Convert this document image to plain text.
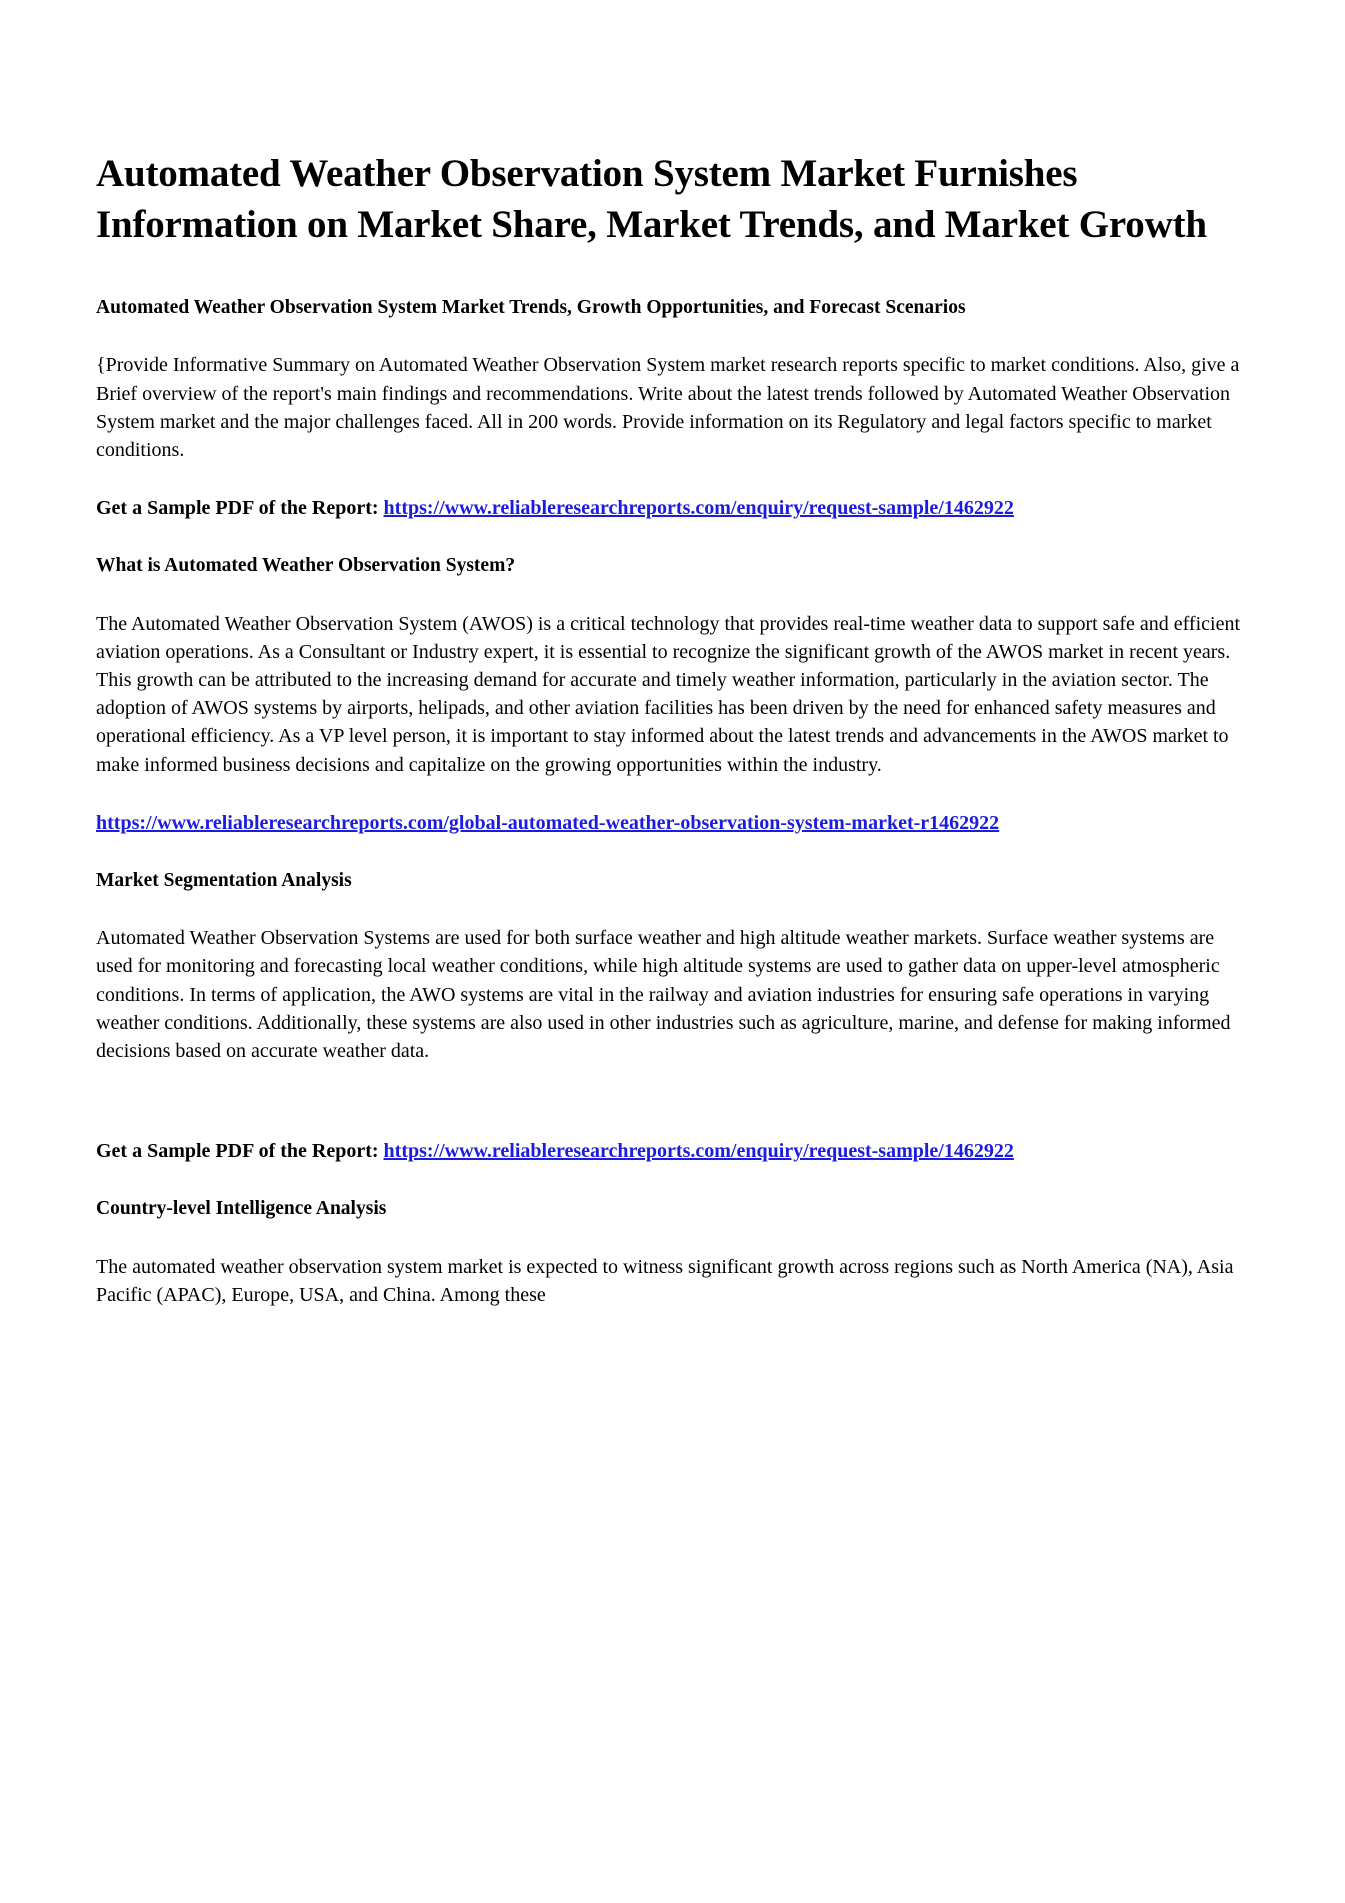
Automated Weather Observation System Market Furnishes Information on Market Share, Market Trends, and Market Growth
Automated Weather Observation System Market Trends, Growth Opportunities, and Forecast Scenarios

{Provide Informative Summary on Automated Weather Observation System market research reports specific to market conditions. Also, give a Brief overview of the report's main findings and recommendations. Write about the latest trends followed by Automated Weather Observation System market and the major challenges faced. All in 200 words. Provide information on its Regulatory and legal factors specific to market conditions.

Get a Sample PDF of the Report: https://www.reliableresearchreports.com/enquiry/request-sample/1462922
What is Automated Weather Observation System?

The Automated Weather Observation System (AWOS) is a critical technology that provides real-time weather data to support safe and efficient aviation operations. As a Consultant or Industry expert, it is essential to recognize the significant growth of the AWOS market in recent years. This growth can be attributed to the increasing demand for accurate and timely weather information, particularly in the aviation sector. The adoption of AWOS systems by airports, helipads, and other aviation facilities has been driven by the need for enhanced safety measures and operational efficiency. As a VP level person, it is important to stay informed about the latest trends and advancements in the AWOS market to make informed business decisions and capitalize on the growing opportunities within the industry.

https://www.reliableresearchreports.com/global-automated-weather-observation-system-market-r1462922
Market Segmentation Analysis

Automated Weather Observation Systems are used for both surface weather and high altitude weather markets. Surface weather systems are used for monitoring and forecasting local weather conditions, while high altitude systems are used to gather data on upper-level atmospheric conditions. In terms of application, the AWO systems are vital in the railway and aviation industries for ensuring safe operations in varying weather conditions. Additionally, these systems are also used in other industries such as agriculture, marine, and defense for making informed decisions based on accurate weather data.

Get a Sample PDF of the Report: https://www.reliableresearchreports.com/enquiry/request-sample/1462922
Country-level Intelligence Analysis

The automated weather observation system market is expected to witness significant growth across regions such as North America (NA), Asia Pacific (APAC), Europe, USA, and China. Among these
